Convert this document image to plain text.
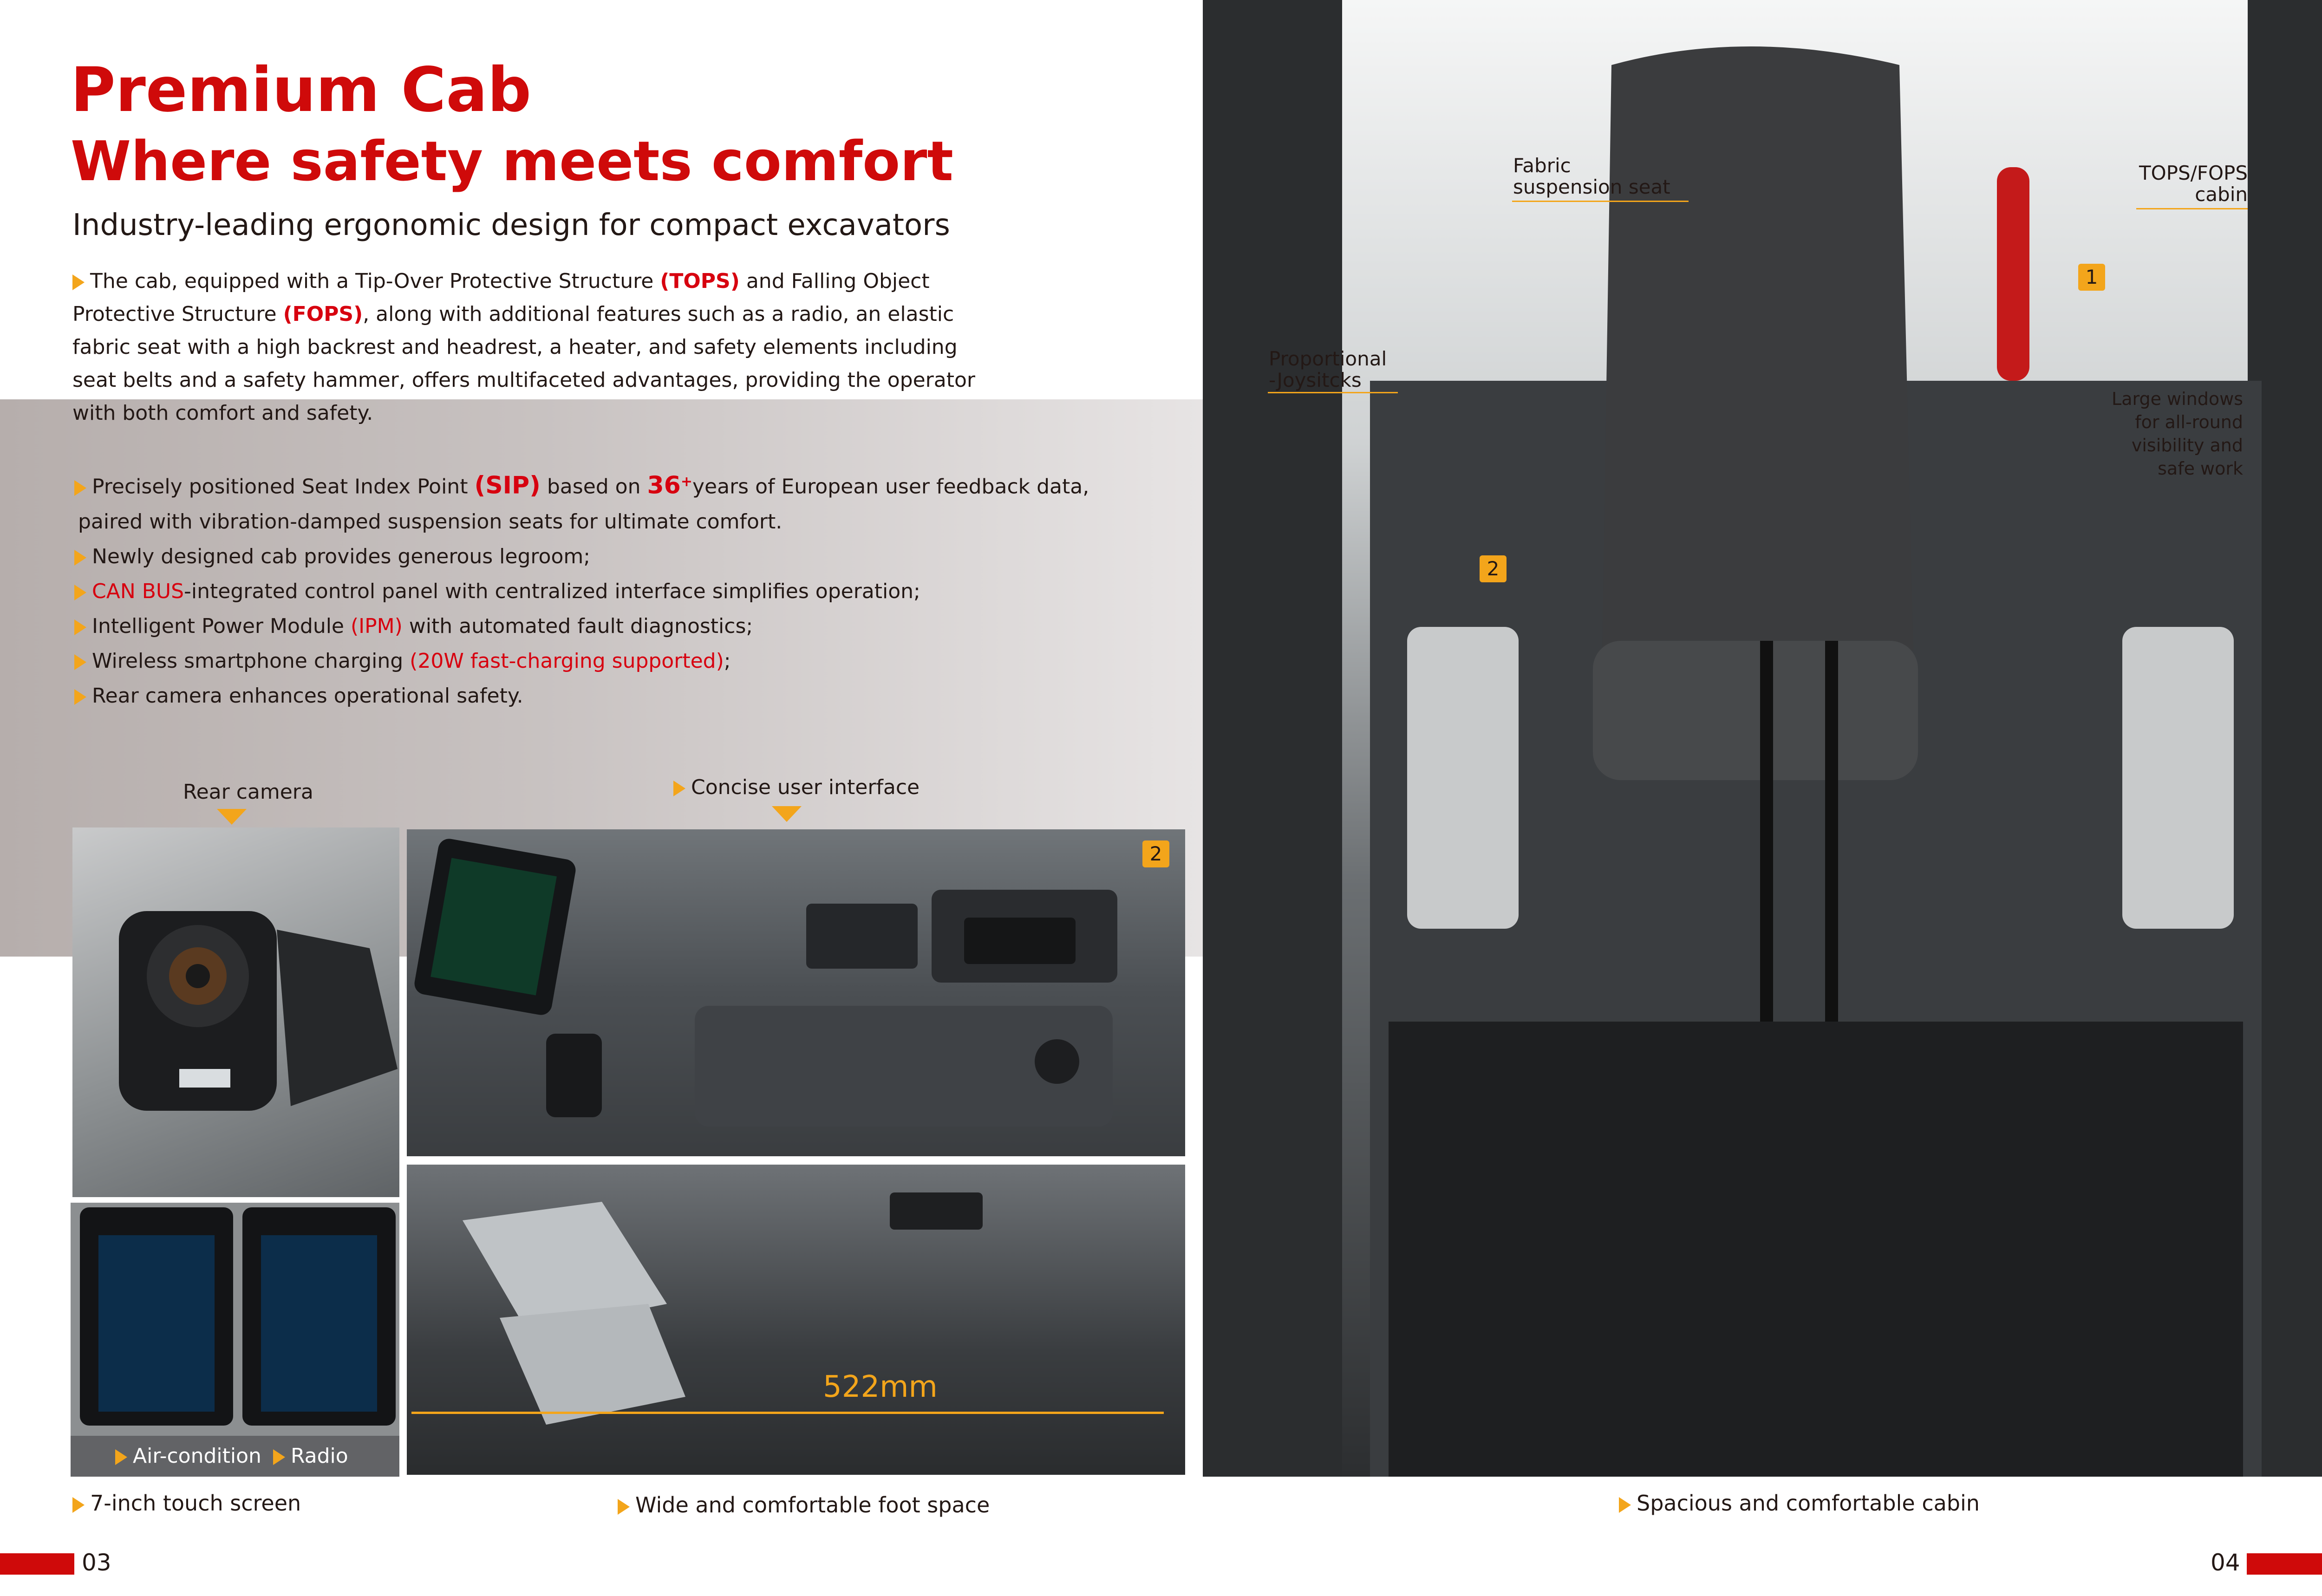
Premium Cab
Where safety meets comfort
Industry-leading ergonomic design for compact excavators
The cab, equipped with a Tip-Over Protective Structure (TOPS) and Falling Object Protective Structure (FOPS), along with additional features such as a radio, an elastic fabric seat with a high backrest and headrest, a heater, and safety elements including seat belts and a safety hammer, offers multifaceted advantages, providing the operator with both comfort and safety.
Precisely positioned Seat Index Point (SIP) based on 36+years of European user feedback data,
paired with vibration-damped suspension seats for ultimate comfort.
Newly designed cab provides generous legroom;
CAN BUS-integrated control panel with centralized interface simplifies operation;
Intelligent Power Module (IPM) with automated fault diagnostics;
Wireless smartphone charging (20W fast-charging supported);
Rear camera enhances operational safety.
Rear camera	Concise user interface
2
Air-condition	Radio
522mm
7-inch touch screen	Wide and comfortable foot space
Fabric
suspension seat
Proportional
-Joysitcks
2
TOPS/FOPS
cabin
1
Large windows
for all-round
visibility and
safe work
Spacious and comfortable cabin
03	04
